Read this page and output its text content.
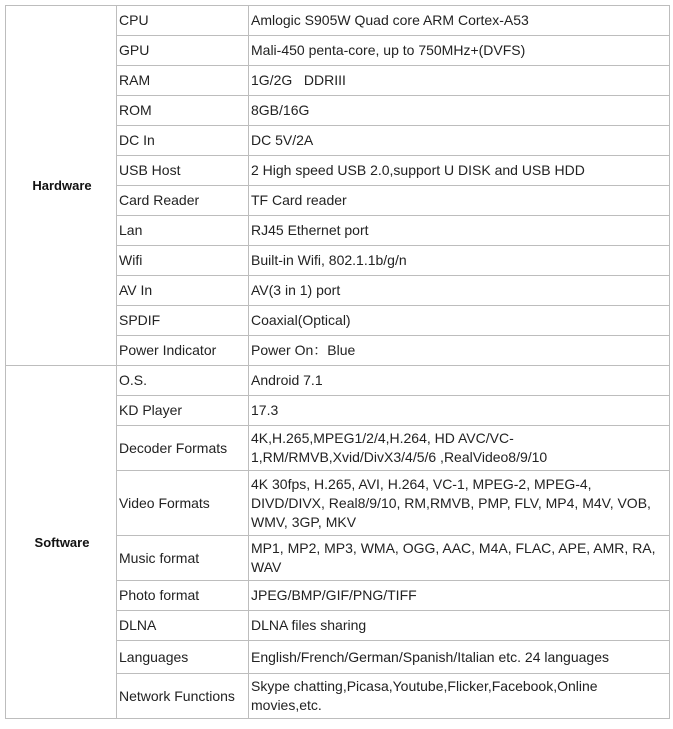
Hardware	CPU	Amlogic S905W Quad core ARM Cortex-A53
	GPU	Mali-450 penta-core, up to 750MHz+(DVFS)
	RAM	1G/2G   DDRIII
	ROM	8GB/16G
	DC In	DC 5V/2A
	USB Host	2 High speed USB 2.0,support U DISK and USB HDD
	Card Reader	TF Card reader
	Lan	RJ45 Ethernet port
	Wifi	Built-in Wifi, 802.1.1b/g/n
	AV In	AV(3 in 1) port
	SPDIF	Coaxial(Optical)
	Power Indicator	Power On：Blue
Software	O.S.	Android 7.1
	KD Player	17.3
	Decoder Formats	4K,H.265,MPEG1/2/4,H.264, HD AVC/VC-1,RM/RMVB,Xvid/DivX3/4/5/6 ,RealVideo8/9/10
	Video Formats	4K 30fps, H.265, AVI, H.264, VC-1, MPEG-2, MPEG-4, DIVD/DIVX, Real8/9/10, RM,RMVB, PMP, FLV, MP4, M4V, VOB, WMV, 3GP, MKV
	Music format	MP1, MP2, MP3, WMA, OGG, AAC, M4A, FLAC, APE, AMR, RA, WAV
	Photo format	JPEG/BMP/GIF/PNG/TIFF
	DLNA	DLNA files sharing
	Languages	English/French/German/Spanish/Italian etc. 24 languages
	Network Functions	Skype chatting,Picasa,Youtube,Flicker,Facebook,Online movies,etc.
